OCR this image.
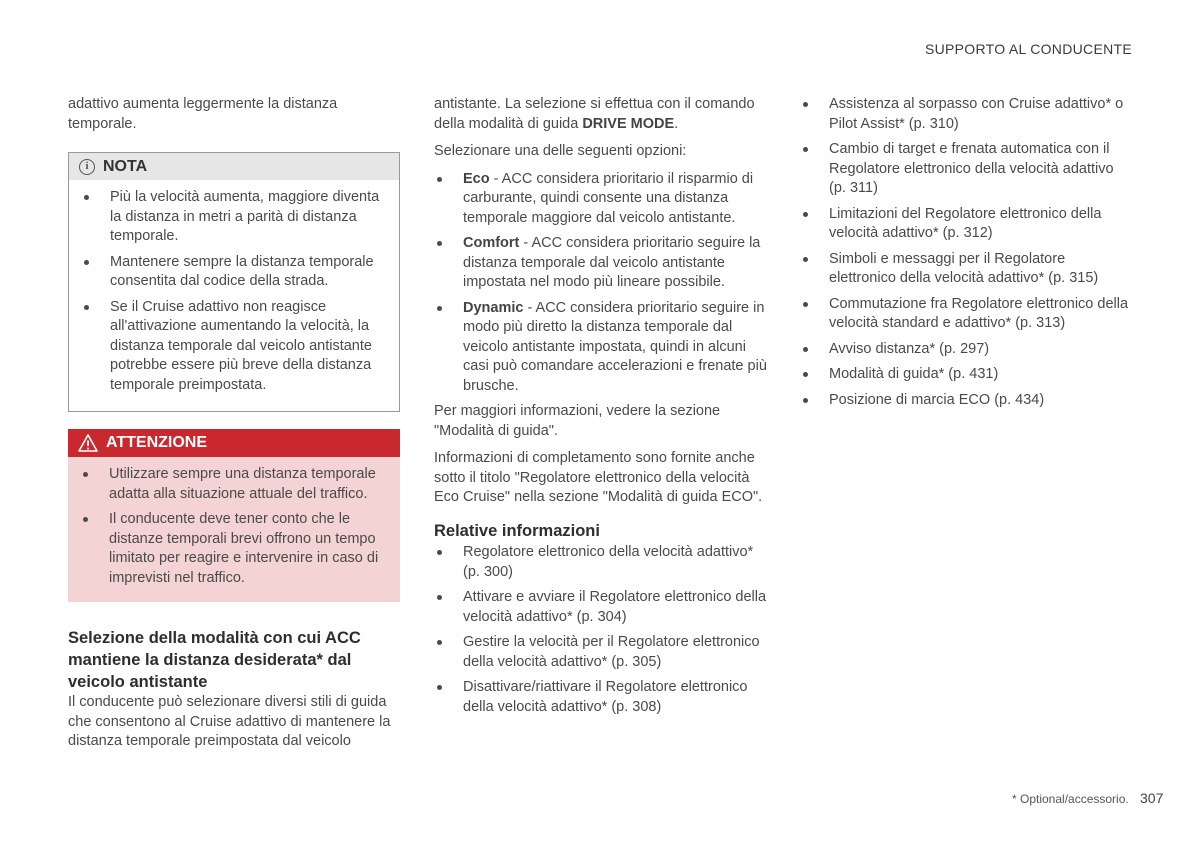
SUPPORTO AL CONDUCENTE

adattivo aumenta leggermente la distanza temporale.

i NOTA
Più la velocità aumenta, maggiore diventa la distanza in metri a parità di distanza temporale.
Mantenere sempre la distanza temporale consentita dal codice della strada.
Se il Cruise adattivo non reagisce all'attivazione aumentando la velocità, la distanza temporale dal veicolo antistante potrebbe essere più breve della distanza temporale preimpostata.
ATTENZIONE
Utilizzare sempre una distanza temporale adatta alla situazione attuale del traffico.
Il conducente deve tener conto che le distanze temporali brevi offrono un tempo limitato per reagire e intervenire in caso di imprevisti nel traffico.
Selezione della modalità con cui ACC mantiene la distanza desiderata* dal veicolo antistante

Il conducente può selezionare diversi stili di guida che consentono al Cruise adattivo di mantenere la distanza temporale preimpostata dal veicolo

antistante. La selezione si effettua con il comando della modalità di guida DRIVE MODE.

Selezionare una delle seguenti opzioni:

Eco - ACC considera prioritario il risparmio di carburante, quindi consente una distanza temporale maggiore dal veicolo antistante.
Comfort - ACC considera prioritario seguire la distanza temporale dal veicolo antistante impostata nel modo più lineare possibile.
Dynamic - ACC considera prioritario seguire in modo più diretto la distanza temporale dal veicolo antistante impostata, quindi in alcuni casi può comandare accelerazioni e frenate più brusche.

Per maggiori informazioni, vedere la sezione "Modalità di guida".

Informazioni di completamento sono fornite anche sotto il titolo "Regolatore elettronico della velocità Eco Cruise" nella sezione "Modalità di guida ECO".

Relative informazioni
Regolatore elettronico della velocità adattivo* (p. 300)
Attivare e avviare il Regolatore elettronico della velocità adattivo* (p. 304)
Gestire la velocità per il Regolatore elettronico della velocità adattivo* (p. 305)
Disattivare/riattivare il Regolatore elettronico della velocità adattivo* (p. 308)
Assistenza al sorpasso con Cruise adattivo* o Pilot Assist* (p. 310)
Cambio di target e frenata automatica con il Regolatore elettronico della velocità adattivo (p. 311)
Limitazioni del Regolatore elettronico della velocità adattivo* (p. 312)
Simboli e messaggi per il Regolatore elettronico della velocità adattivo* (p. 315)
Commutazione fra Regolatore elettronico della velocità standard e adattivo* (p. 313)
Avviso distanza* (p. 297)
Modalità di guida* (p. 431)
Posizione di marcia ECO (p. 434)
* Optional/accessorio. 307
